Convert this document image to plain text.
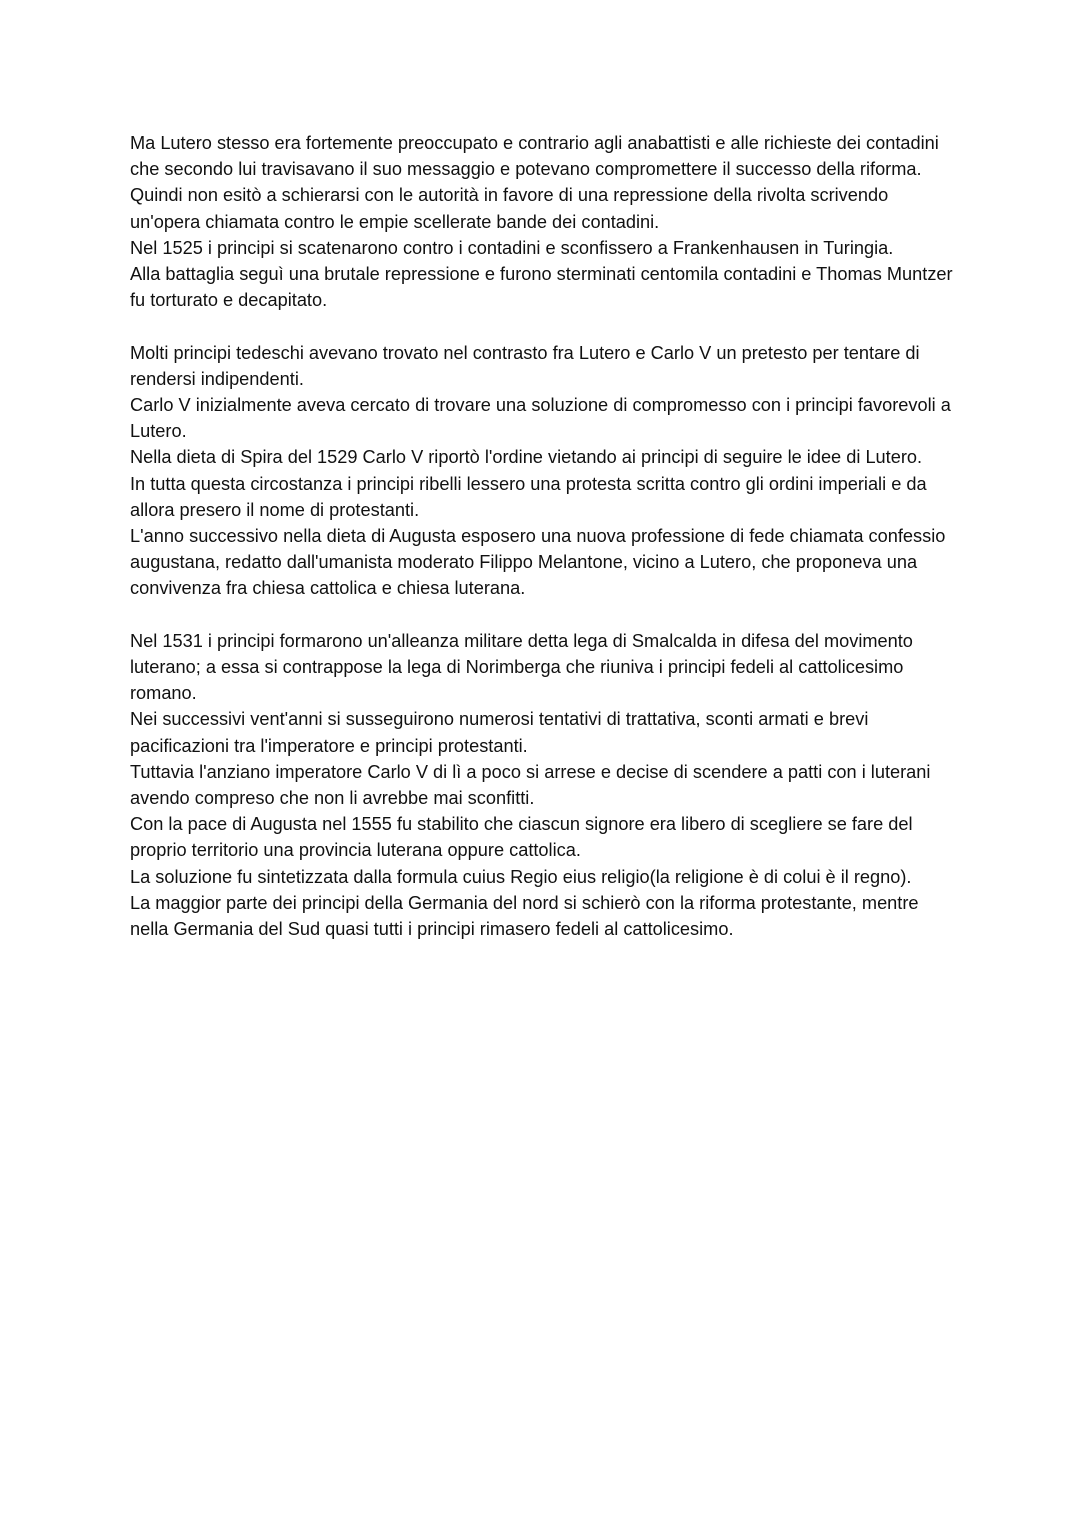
Ma Lutero stesso era fortemente preoccupato e contrario agli anabattisti e alle richieste dei contadini che secondo lui travisavano il suo messaggio e potevano compromettere il successo della riforma.

Quindi non esitò a schierarsi con le autorità in favore di una repressione della rivolta scrivendo un'opera chiamata contro le empie scellerate bande dei contadini.

Nel 1525 i principi si scatenarono contro i contadini e sconfissero a Frankenhausen in Turingia.

Alla battaglia seguì una brutale repressione e furono sterminati centomila contadini e Thomas Muntzer fu torturato e decapitato.

Molti principi tedeschi avevano trovato nel contrasto fra Lutero e Carlo V un pretesto per tentare di rendersi indipendenti.

Carlo V inizialmente aveva cercato di trovare una soluzione di compromesso con i principi favorevoli a Lutero.

Nella dieta di Spira del 1529 Carlo V riportò l'ordine vietando ai principi di seguire le idee di Lutero.

In tutta questa circostanza i principi ribelli lessero una protesta scritta contro gli ordini imperiali e da allora presero il nome di protestanti.

L'anno successivo nella dieta di Augusta esposero una nuova professione di fede chiamata confessio augustana, redatto dall'umanista moderato Filippo Melantone, vicino a Lutero, che proponeva una convivenza fra chiesa cattolica e chiesa luterana.

Nel 1531 i principi formarono un'alleanza militare detta lega di Smalcalda in difesa del movimento luterano; a essa si contrappose la lega di Norimberga che riuniva i principi fedeli al cattolicesimo romano.

Nei successivi vent'anni si susseguirono numerosi tentativi di trattativa, sconti armati e brevi pacificazioni tra l'imperatore e principi protestanti.

Tuttavia l'anziano imperatore Carlo V di lì a poco si arrese e decise di scendere a patti con i luterani avendo compreso che non li avrebbe mai sconfitti.

Con la pace di Augusta nel 1555 fu stabilito che ciascun signore era libero di scegliere se fare del proprio territorio una provincia luterana oppure cattolica.

La soluzione fu sintetizzata dalla formula cuius Regio eius religio(la religione è di colui è il regno).

La maggior parte dei principi della Germania del nord si schierò con la riforma protestante, mentre nella Germania del Sud quasi tutti i principi rimasero fedeli al cattolicesimo.
